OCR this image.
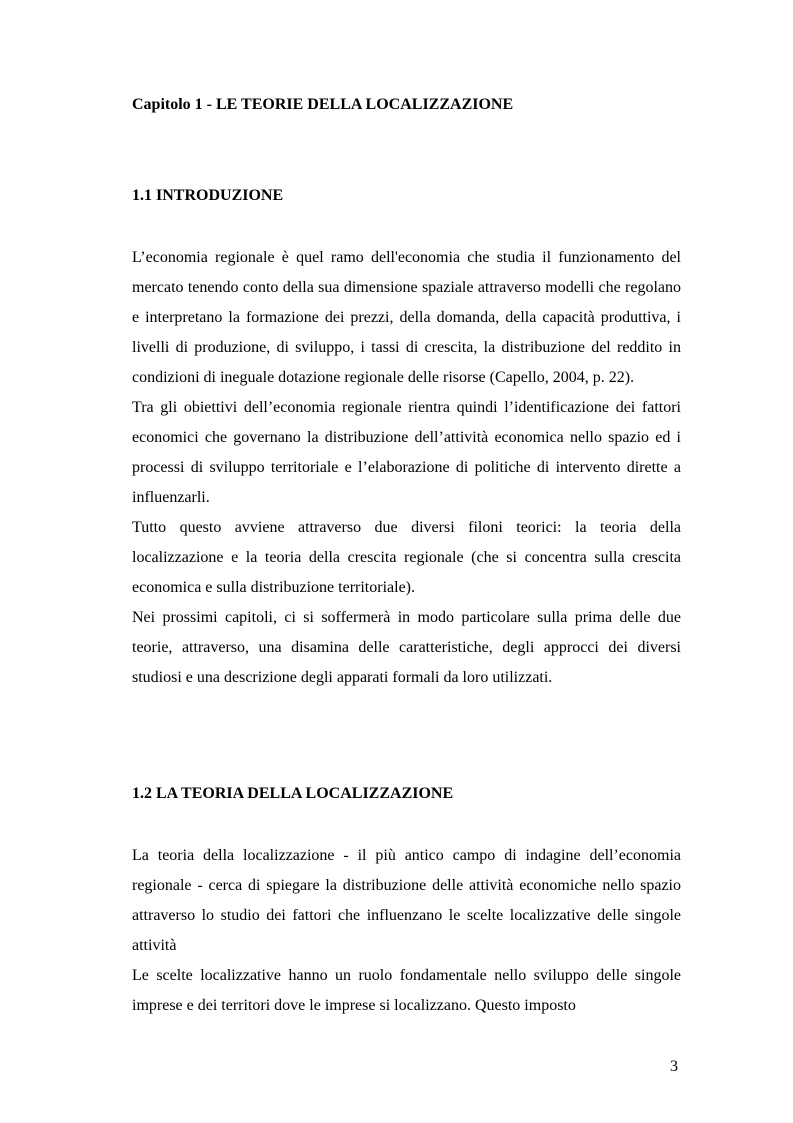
Capitolo 1 - LE TEORIE DELLA LOCALIZZAZIONE
1.1 INTRODUZIONE

L’economia regionale è quel ramo dell'economia che studia il funzionamento del mercato tenendo conto della sua dimensione spaziale attraverso modelli che regolano e interpretano la formazione dei prezzi, della domanda, della capacità produttiva, i livelli di produzione, di sviluppo, i tassi di crescita, la distribuzione del reddito in condizioni di ineguale dotazione regionale delle risorse (Capello, 2004, p. 22).

Tra gli obiettivi dell’economia regionale rientra quindi l’identificazione dei fattori economici che governano la distribuzione dell’attività economica nello spazio ed i processi di sviluppo territoriale e l’elaborazione di politiche di intervento dirette a influenzarli.

Tutto questo avviene attraverso due diversi filoni teorici: la teoria della localizzazione e la teoria della crescita regionale (che si concentra sulla crescita economica e sulla distribuzione territoriale).

Nei prossimi capitoli, ci si soffermerà in modo particolare sulla prima delle due teorie, attraverso, una disamina delle caratteristiche, degli approcci dei diversi studiosi e una descrizione degli apparati formali da loro utilizzati.

1.2 LA TEORIA DELLA LOCALIZZAZIONE

La teoria della localizzazione - il più antico campo di indagine dell’economia regionale - cerca di spiegare la distribuzione delle attività economiche nello spazio attraverso lo studio dei fattori che influenzano le scelte localizzative delle singole attività

Le scelte localizzative hanno un ruolo fondamentale nello sviluppo delle singole imprese e dei territori dove le imprese si localizzano. Questo imposto

3
